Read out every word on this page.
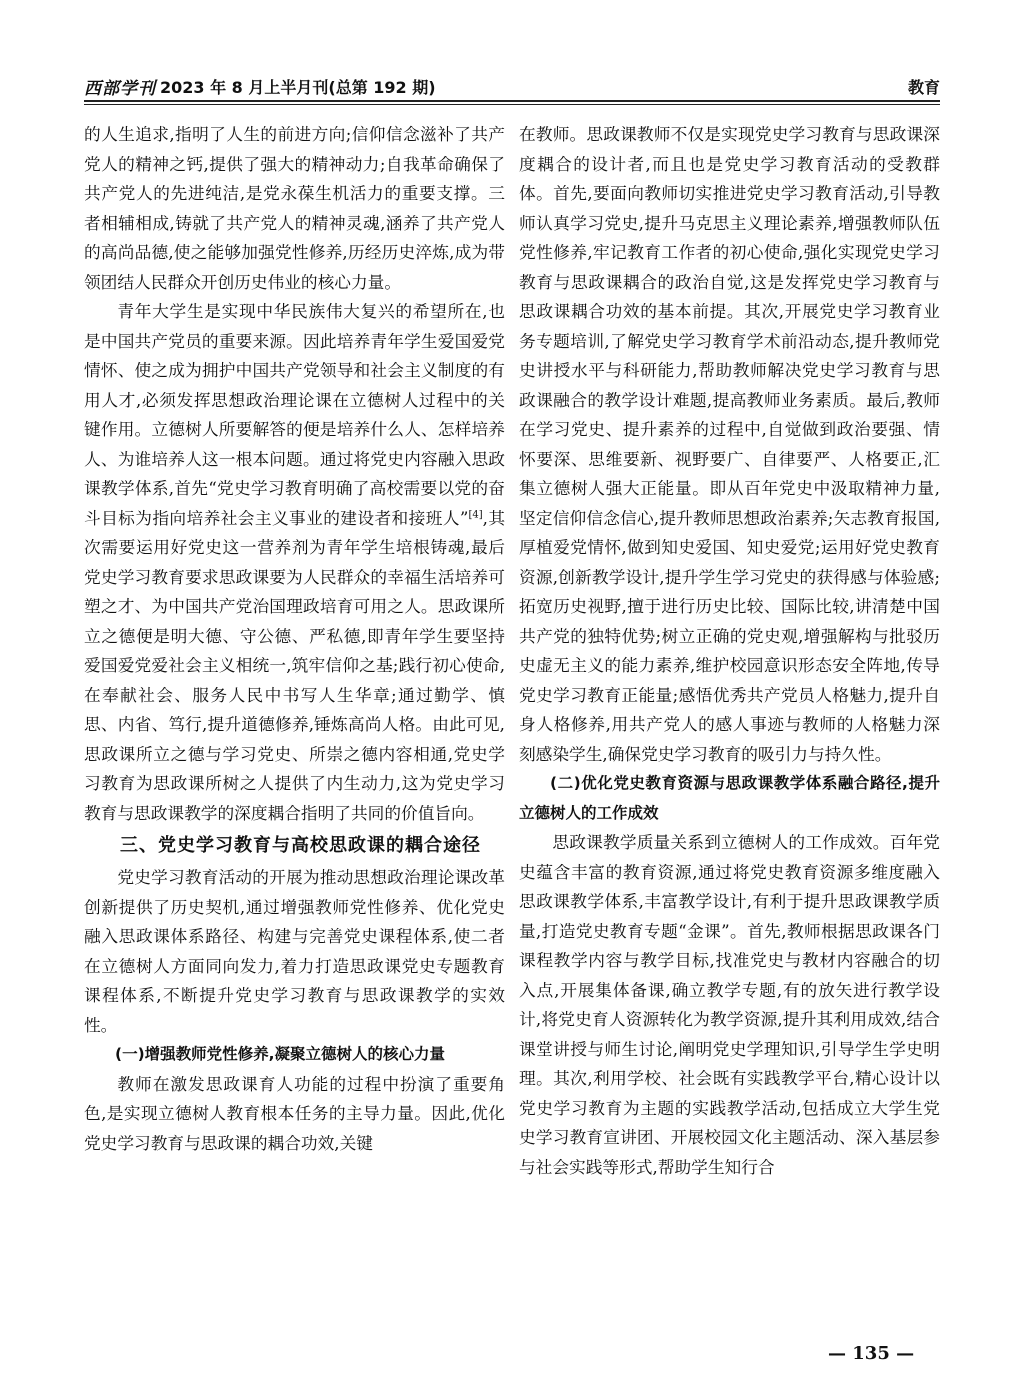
西部学刊 2023 年 8 月上半月刊(总第 192 期)	教育

的人生追求,指明了人生的前进方向;信仰信念滋补了共产党人的精神之钙,提供了强大的精神动力;自我革命确保了共产党人的先进纯洁,是党永葆生机活力的重要支撑。三者相辅相成,铸就了共产党人的精神灵魂,涵养了共产党人的高尚品德,使之能够加强党性修养,历经历史淬炼,成为带领团结人民群众开创历史伟业的核心力量。

青年大学生是实现中华民族伟大复兴的希望所在,也是中国共产党员的重要来源。因此培养青年学生爱国爱党情怀、使之成为拥护中国共产党领导和社会主义制度的有用人才,必须发挥思想政治理论课在立德树人过程中的关键作用。立德树人所要解答的便是培养什么人、怎样培养人、为谁培养人这一根本问题。通过将党史内容融入思政课教学体系,首先“党史学习教育明确了高校需要以党的奋斗目标为指向培养社会主义事业的建设者和接班人”[4],其次需要运用好党史这一营养剂为青年学生培根铸魂,最后党史学习教育要求思政课要为人民群众的幸福生活培养可塑之才、为中国共产党治国理政培育可用之人。思政课所立之德便是明大德、守公德、严私德,即青年学生要坚持爱国爱党爱社会主义相统一,筑牢信仰之基;践行初心使命,在奉献社会、服务人民中书写人生华章;通过勤学、慎思、内省、笃行,提升道德修养,锤炼高尚人格。由此可见,思政课所立之德与学习党史、所崇之德内容相通,党史学习教育为思政课所树之人提供了内生动力,这为党史学习教育与思政课教学的深度耦合指明了共同的价值旨向。

三、党史学习教育与高校思政课的耦合途径

党史学习教育活动的开展为推动思想政治理论课改革创新提供了历史契机,通过增强教师党性修养、优化党史融入思政课体系路径、构建与完善党史课程体系,使二者在立德树人方面同向发力,着力打造思政课党史专题教育课程体系,不断提升党史学习教育与思政课教学的实效性。

(一)增强教师党性修养,凝聚立德树人的核心力量

教师在激发思政课育人功能的过程中扮演了重要角色,是实现立德树人教育根本任务的主导力量。因此,优化党史学习教育与思政课的耦合功效,关键

在教师。思政课教师不仅是实现党史学习教育与思政课深度耦合的设计者,而且也是党史学习教育活动的受教群体。首先,要面向教师切实推进党史学习教育活动,引导教师认真学习党史,提升马克思主义理论素养,增强教师队伍党性修养,牢记教育工作者的初心使命,强化实现党史学习教育与思政课耦合的政治自觉,这是发挥党史学习教育与思政课耦合功效的基本前提。其次,开展党史学习教育业务专题培训,了解党史学习教育学术前沿动态,提升教师党史讲授水平与科研能力,帮助教师解决党史学习教育与思政课融合的教学设计难题,提高教师业务素质。最后,教师在学习党史、提升素养的过程中,自觉做到政治要强、情怀要深、思维要新、视野要广、自律要严、人格要正,汇集立德树人强大正能量。即从百年党史中汲取精神力量,坚定信仰信念信心,提升教师思想政治素养;矢志教育报国,厚植爱党情怀,做到知史爱国、知史爱党;运用好党史教育资源,创新教学设计,提升学生学习党史的获得感与体验感;拓宽历史视野,擅于进行历史比较、国际比较,讲清楚中国共产党的独特优势;树立正确的党史观,增强解构与批驳历史虚无主义的能力素养,维护校园意识形态安全阵地,传导党史学习教育正能量;感悟优秀共产党员人格魅力,提升自身人格修养,用共产党人的感人事迹与教师的人格魅力深刻感染学生,确保党史学习教育的吸引力与持久性。

(二)优化党史教育资源与思政课教学体系融合路径,提升立德树人的工作成效

思政课教学质量关系到立德树人的工作成效。百年党史蕴含丰富的教育资源,通过将党史教育资源多维度融入思政课教学体系,丰富教学设计,有利于提升思政课教学质量,打造党史教育专题“金课”。首先,教师根据思政课各门课程教学内容与教学目标,找准党史与教材内容融合的切入点,开展集体备课,确立教学专题,有的放矢进行教学设计,将党史育人资源转化为教学资源,提升其利用成效,结合课堂讲授与师生讨论,阐明党史学理知识,引导学生学史明理。其次,利用学校、社会既有实践教学平台,精心设计以党史学习教育为主题的实践教学活动,包括成立大学生党史学习教育宣讲团、开展校园文化主题活动、深入基层参与社会实践等形式,帮助学生知行合

— 135 —
